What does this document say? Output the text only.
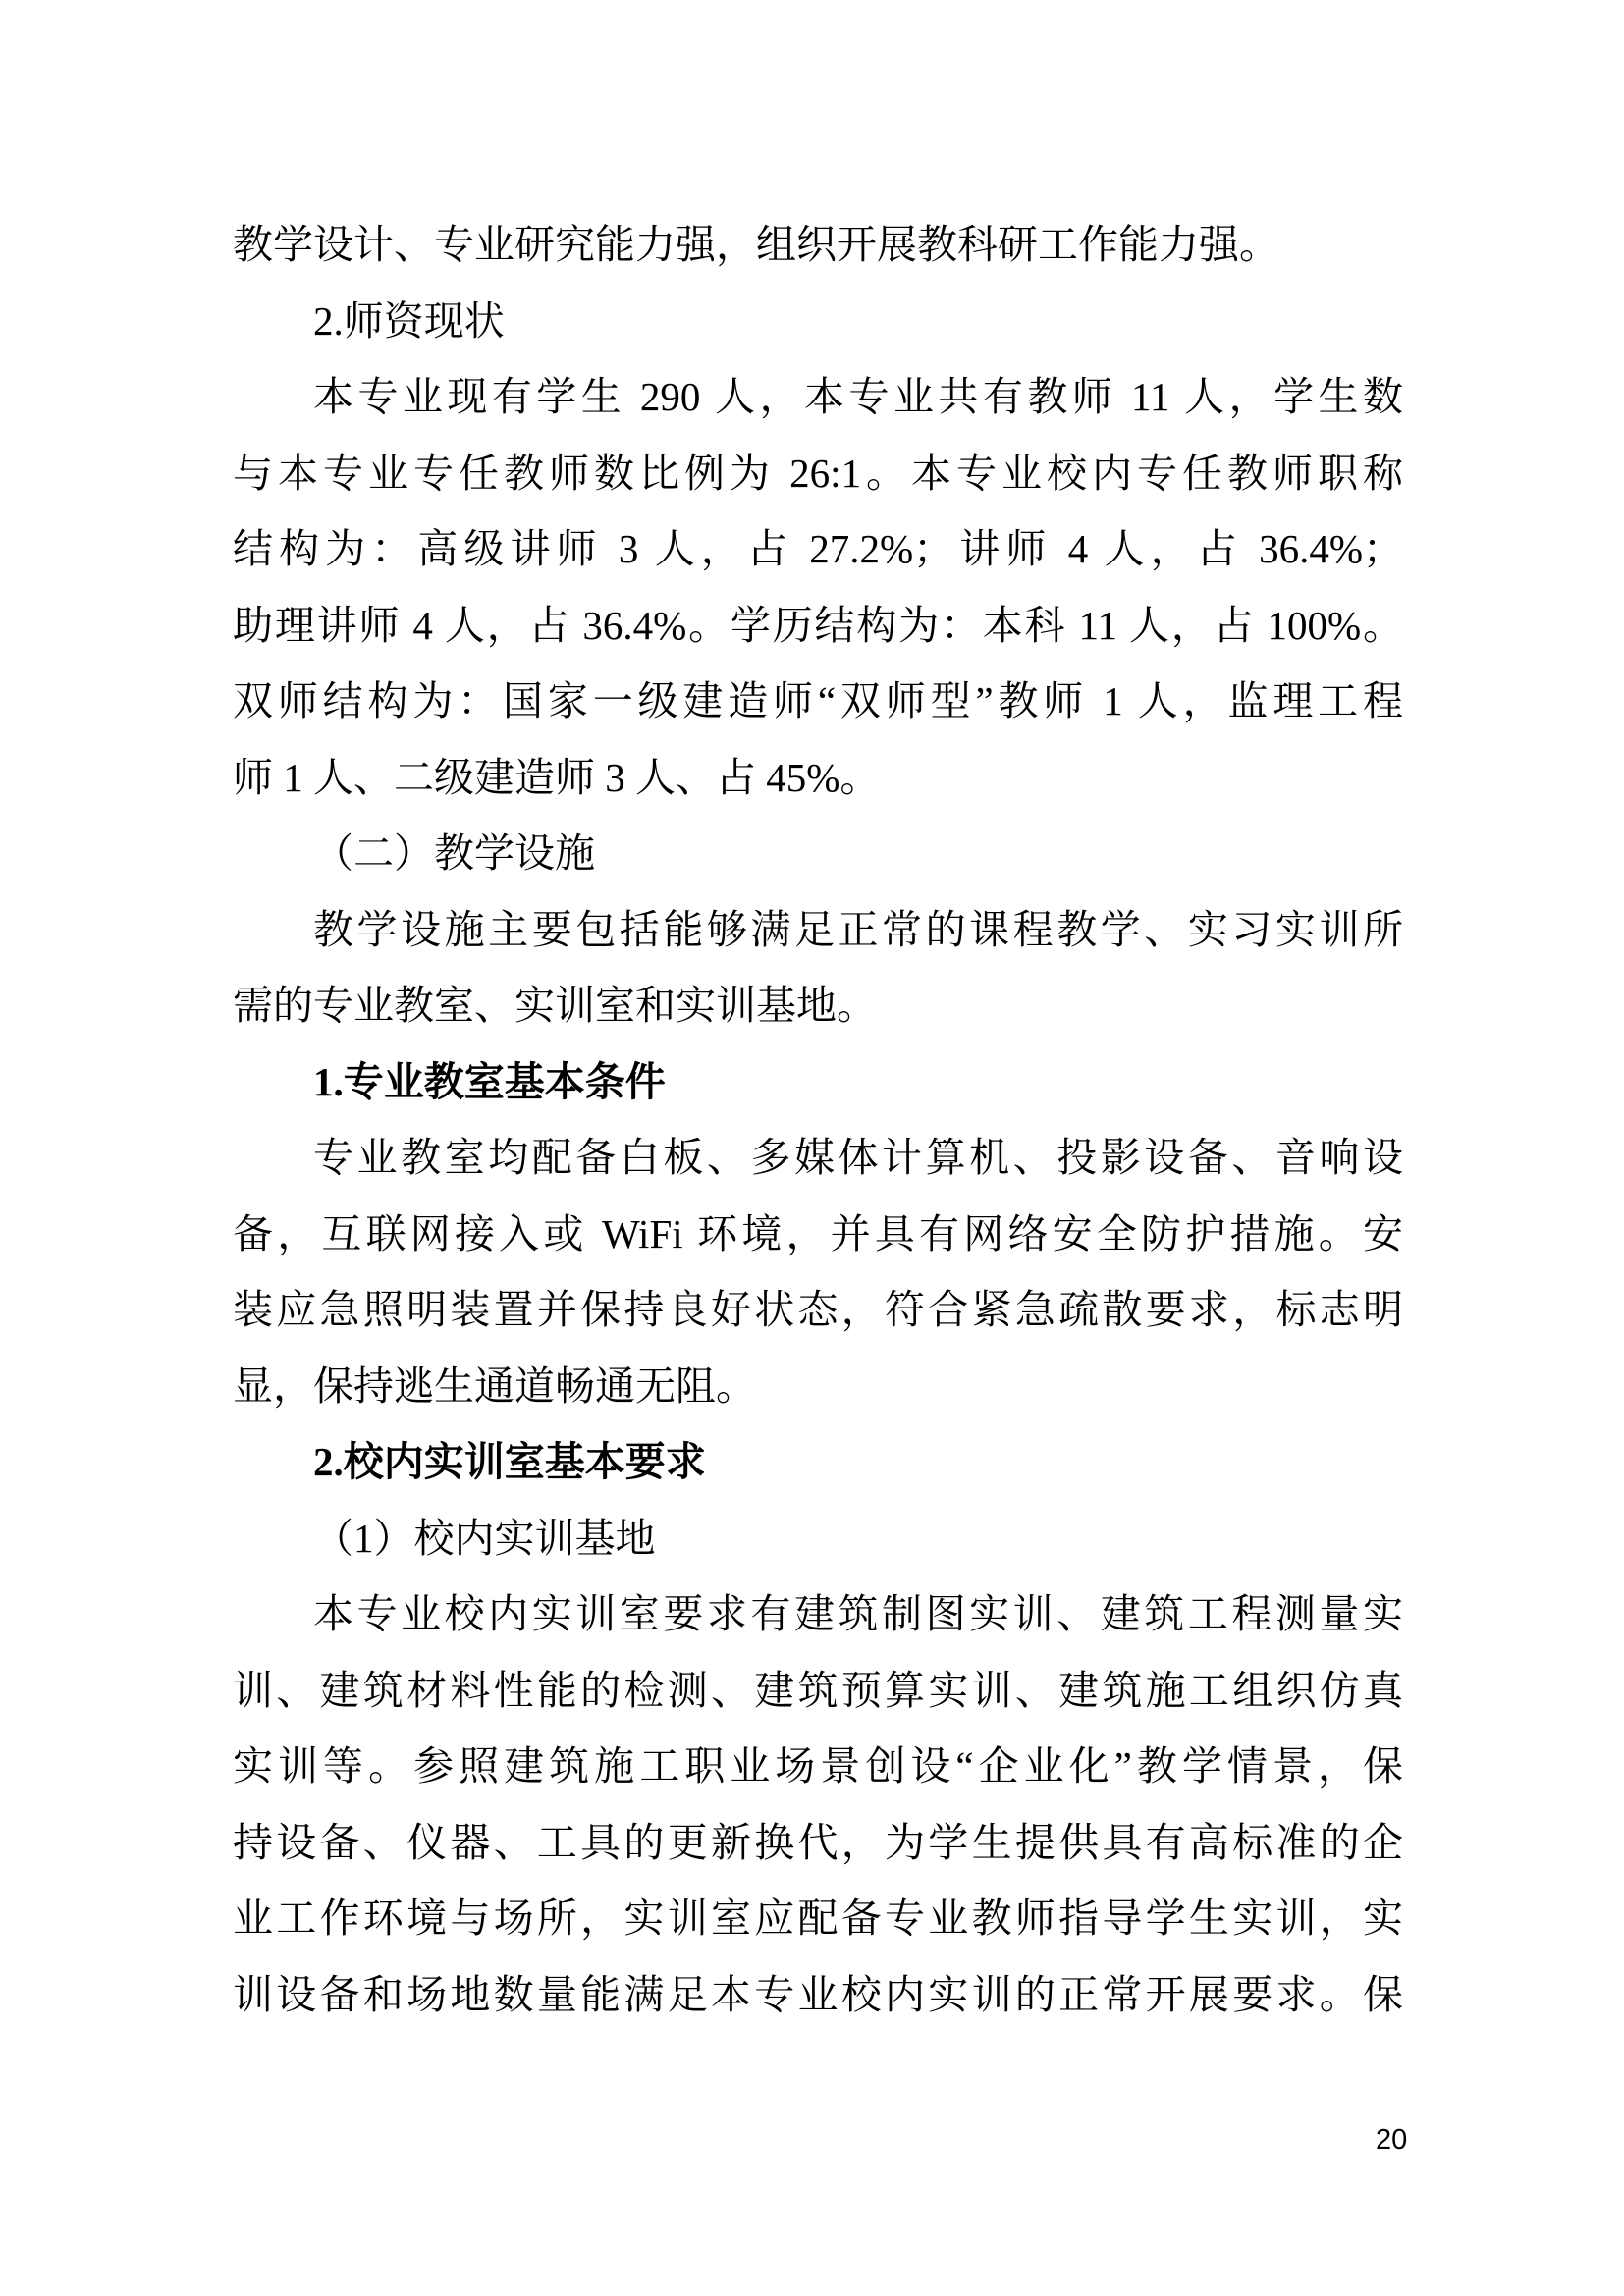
教学设计、专业研究能力强，组织开展教科研工作能力强。
2.师资现状
本专业现有学生 290 人，本专业共有教师 11 人，学生数
与本专业专任教师数比例为 26:1。本专业校内专任教师职称
结构为：高级讲师 3 人，占 27.2%；讲师 4 人，占 36.4%；
助理讲师 4 人，占 36.4%。学历结构为：本科 11 人，占 100%。
双师结构为：国家一级建造师“双师型”教师 1 人，监理工程
师 1 人、二级建造师 3 人、占 45%。
（二）教学设施
教学设施主要包括能够满足正常的课程教学、实习实训所
需的专业教室、实训室和实训基地。
1.专业教室基本条件
专业教室均配备白板、多媒体计算机、投影设备、音响设
备，互联网接入或 WiFi 环境，并具有网络安全防护措施。安
装应急照明装置并保持良好状态，符合紧急疏散要求，标志明
显，保持逃生通道畅通无阻。
2.校内实训室基本要求
（1）校内实训基地
本专业校内实训室要求有建筑制图实训、建筑工程测量实
训、建筑材料性能的检测、建筑预算实训、建筑施工组织仿真
实训等。参照建筑施工职业场景创设“企业化”教学情景，保
持设备、仪器、工具的更新换代，为学生提供具有高标准的企
业工作环境与场所，实训室应配备专业教师指导学生实训，实
训设备和场地数量能满足本专业校内实训的正常开展要求。保
20
